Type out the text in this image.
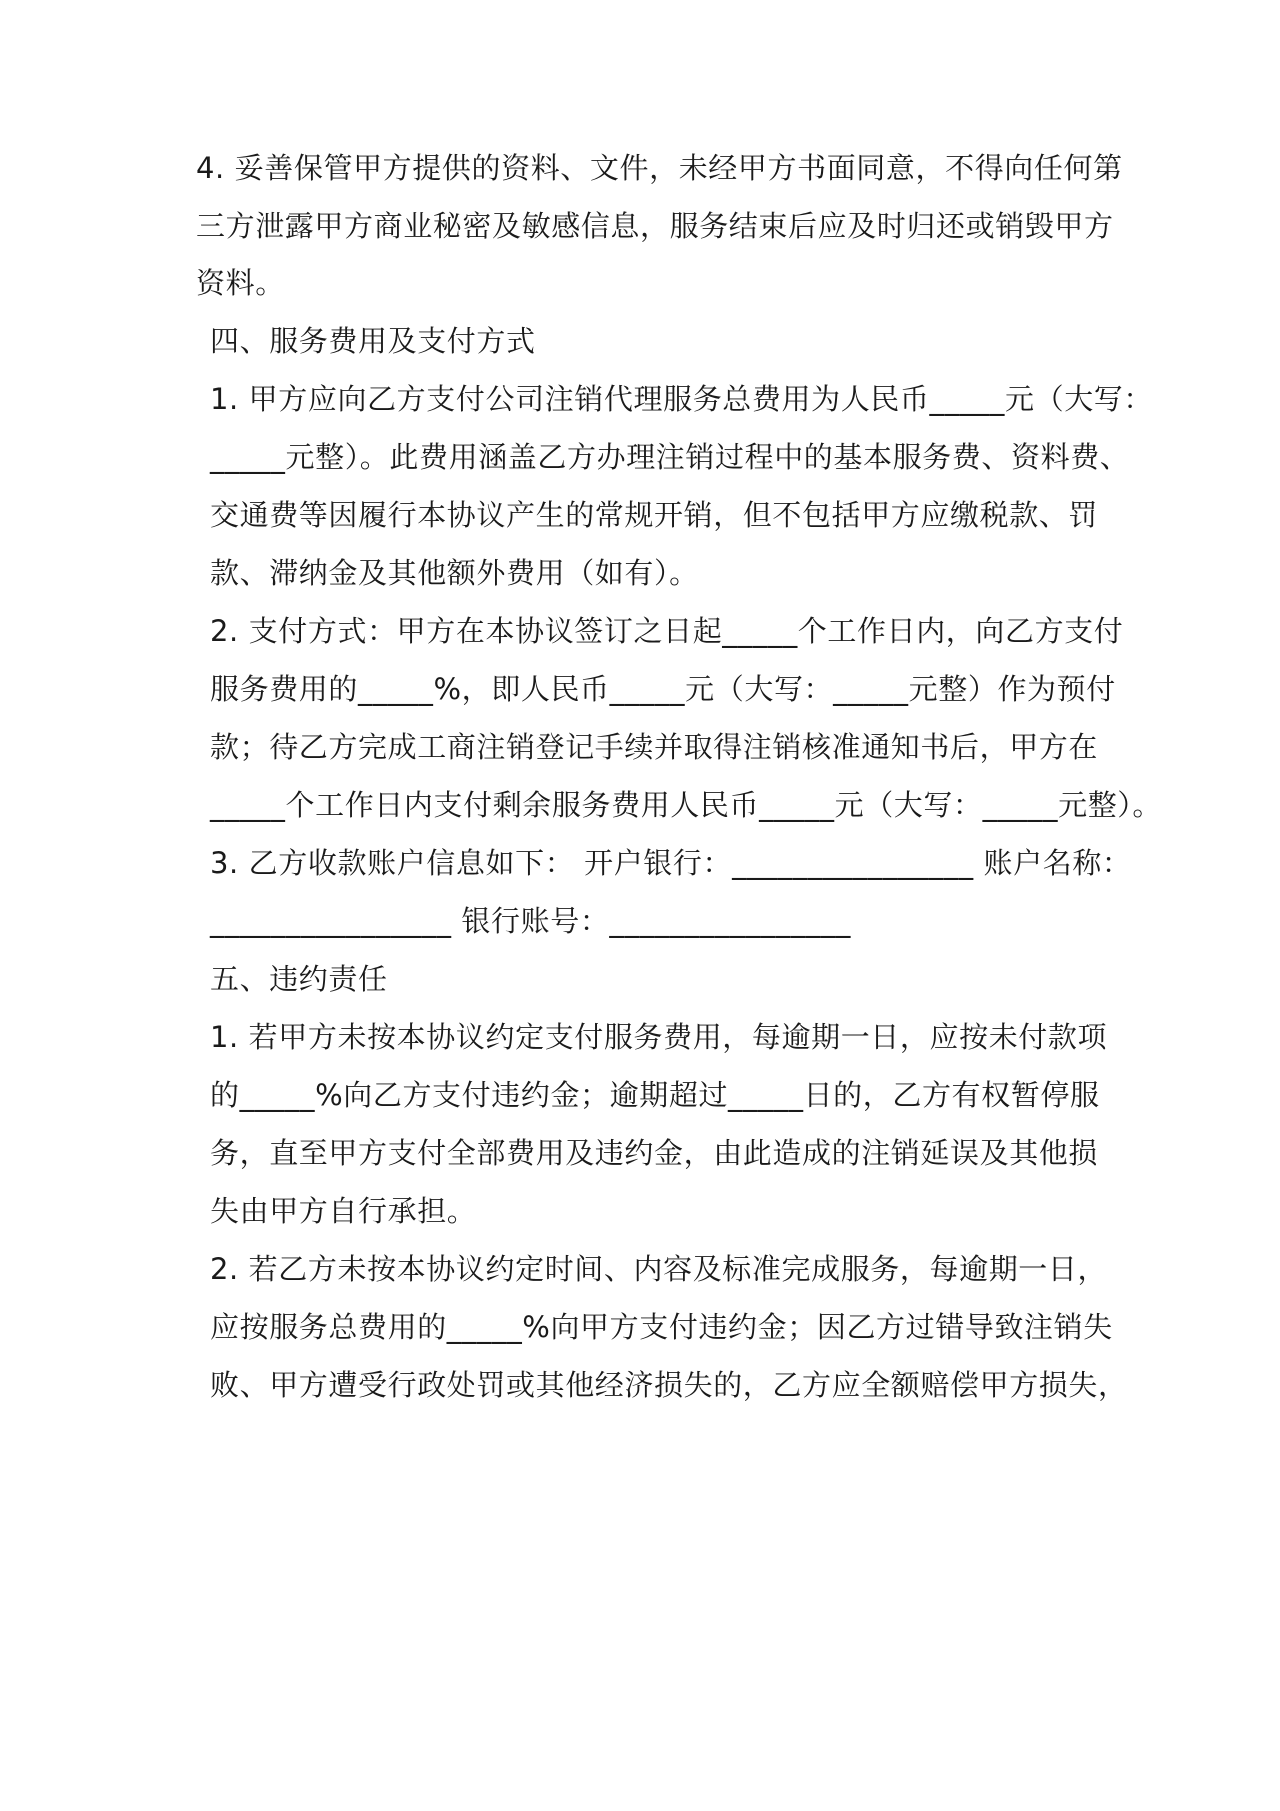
4. 妥善保管甲方提供的资料、文件，未经甲方书面同意，不得向任何第
三方泄露甲方商业秘密及敏感信息，服务结束后应及时归还或销毁甲方
资料。
四、服务费用及支付方式
1. 甲方应向乙方支付公司注销代理服务总费用为人民币_____元（大写：
_____元整）。此费用涵盖乙方办理注销过程中的基本服务费、资料费、
交通费等因履行本协议产生的常规开销，但不包括甲方应缴税款、罚
款、滞纳金及其他额外费用（如有）。
2. 支付方式：甲方在本协议签订之日起_____个工作日内，向乙方支付
服务费用的_____%，即人民币_____元（大写：_____元整）作为预付
款；待乙方完成工商注销登记手续并取得注销核准通知书后，甲方在
_____个工作日内支付剩余服务费用人民币_____元（大写：_____元整）。
3. 乙方收款账户信息如下： 开户银行：________________ 账户名称：
________________ 银行账号：________________
五、违约责任
1. 若甲方未按本协议约定支付服务费用，每逾期一日，应按未付款项
的_____%向乙方支付违约金；逾期超过_____日的，乙方有权暂停服
务，直至甲方支付全部费用及违约金，由此造成的注销延误及其他损
失由甲方自行承担。
2. 若乙方未按本协议约定时间、内容及标准完成服务，每逾期一日，
应按服务总费用的_____%向甲方支付违约金；因乙方过错导致注销失
败、甲方遭受行政处罚或其他经济损失的，乙方应全额赔偿甲方损失，
